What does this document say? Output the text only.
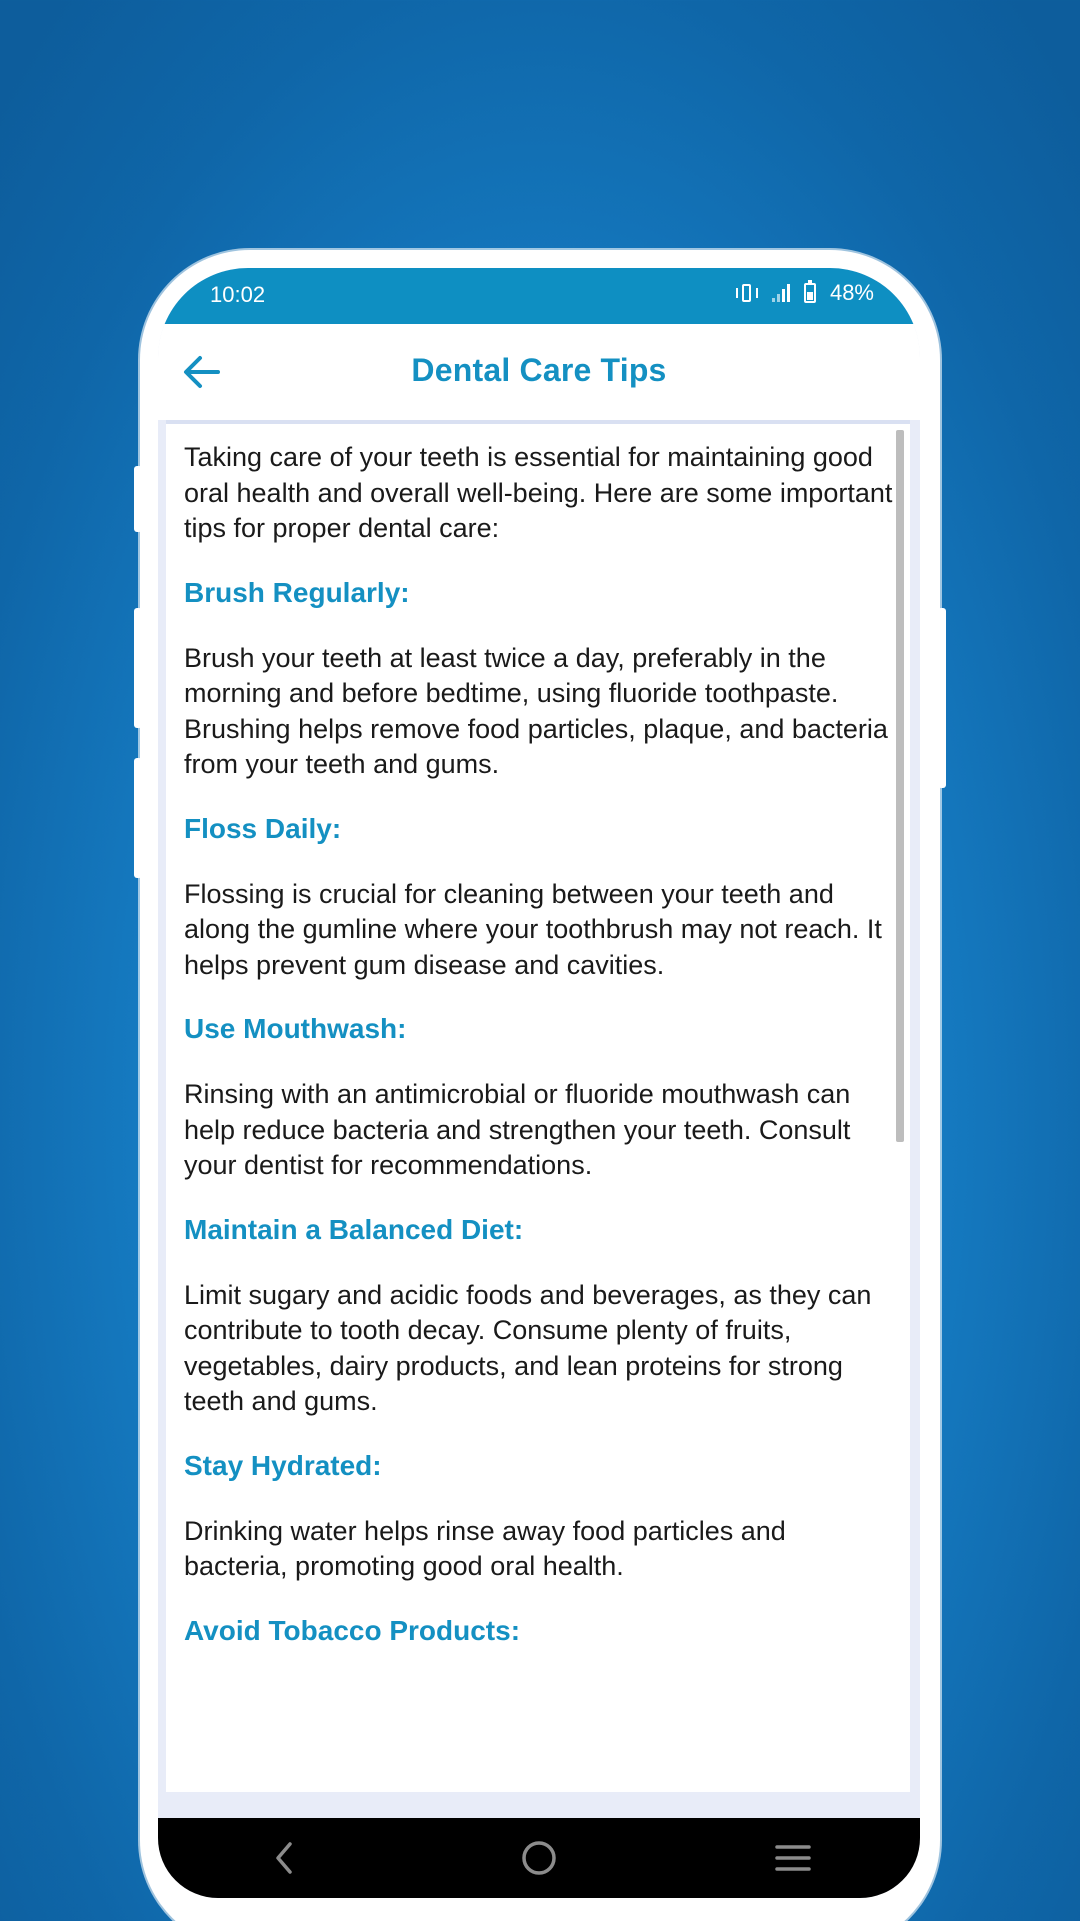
10:02	48%
Dental Care Tips

Taking care of your teeth is essential for maintaining good oral health and overall well-being. Here are some important tips for proper dental care:

Brush Regularly:

Brush your teeth at least twice a day, preferably in the morning and before bedtime, using fluoride toothpaste. Brushing helps remove food particles, plaque, and bacteria from your teeth and gums.

Floss Daily:

Flossing is crucial for cleaning between your teeth and along the gumline where your toothbrush may not reach. It helps prevent gum disease and cavities.

Use Mouthwash:

Rinsing with an antimicrobial or fluoride mouthwash can help reduce bacteria and strengthen your teeth. Consult your dentist for recommendations.

Maintain a Balanced Diet:

Limit sugary and acidic foods and beverages, as they can contribute to tooth decay. Consume plenty of fruits, vegetables, dairy products, and lean proteins for strong teeth and gums.

Stay Hydrated:

Drinking water helps rinse away food particles and bacteria, promoting good oral health.

Avoid Tobacco Products:
